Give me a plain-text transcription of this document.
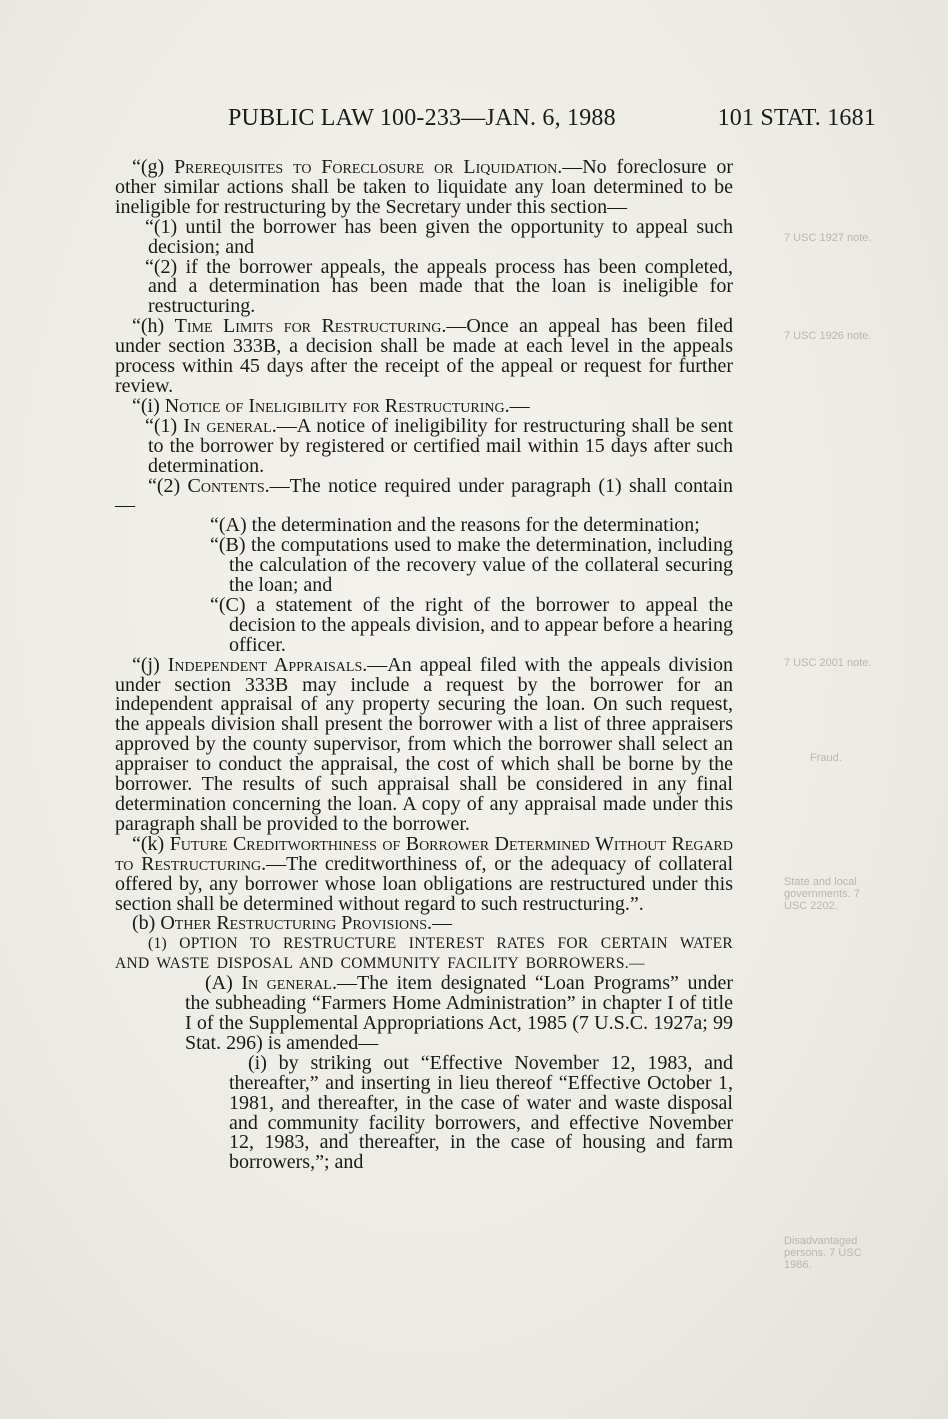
7 USC 1927 note.
7 USC 1926 note.
7 USC 2001 note.
Fraud.
State and local governments. 7 USC 2202.
Disadvantaged persons. 7 USC 1986.
PUBLIC LAW 100-233—JAN. 6, 1988	101 STAT. 1681

“(g) Prerequisites to Foreclosure or Liquidation.—No foreclosure or other similar actions shall be taken to liquidate any loan determined to be ineligible for restructuring by the Secretary under this section—

“(1) until the borrower has been given the opportunity to appeal such decision; and

“(2) if the borrower appeals, the appeals process has been completed, and a determination has been made that the loan is ineligible for restructuring.

“(h) Time Limits for Restructuring.—Once an appeal has been filed under section 333B, a decision shall be made at each level in the appeals process within 45 days after the receipt of the appeal or request for further review.

“(i) Notice of Ineligibility for Restructuring.—

“(1) In general.—A notice of ineligibility for restructuring shall be sent to the borrower by registered or certified mail within 15 days after such determination.

“(2) Contents.—The notice required under paragraph (1) shall contain—

“(A) the determination and the reasons for the determination;

“(B) the computations used to make the determination, including the calculation of the recovery value of the collateral securing the loan; and

“(C) a statement of the right of the borrower to appeal the decision to the appeals division, and to appear before a hearing officer.

“(j) Independent Appraisals.—An appeal filed with the appeals division under section 333B may include a request by the borrower for an independent appraisal of any property securing the loan. On such request, the appeals division shall present the borrower with a list of three appraisers approved by the county supervisor, from which the borrower shall select an appraiser to conduct the appraisal, the cost of which shall be borne by the borrower. The results of such appraisal shall be considered in any final determination concerning the loan. A copy of any appraisal made under this paragraph shall be provided to the borrower.

“(k) Future Creditworthiness of Borrower Determined Without Regard to Restructuring.—The creditworthiness of, or the adequacy of collateral offered by, any borrower whose loan obligations are restructured under this section shall be determined without regard to such restructuring.”.

(b) Other Restructuring Provisions.—

(1) OPTION TO RESTRUCTURE INTEREST RATES FOR CERTAIN WATER AND WASTE DISPOSAL AND COMMUNITY FACILITY BORROWERS.—

(A) In general.—The item designated “Loan Programs” under the subheading “Farmers Home Administration” in chapter I of title I of the Supplemental Appropriations Act, 1985 (7 U.S.C. 1927a; 99 Stat. 296) is amended—

(i) by striking out “Effective November 12, 1983, and thereafter,” and inserting in lieu thereof “Effective October 1, 1981, and thereafter, in the case of water and waste disposal and community facility borrowers, and effective November 12, 1983, and thereafter, in the case of housing and farm borrowers,”; and
